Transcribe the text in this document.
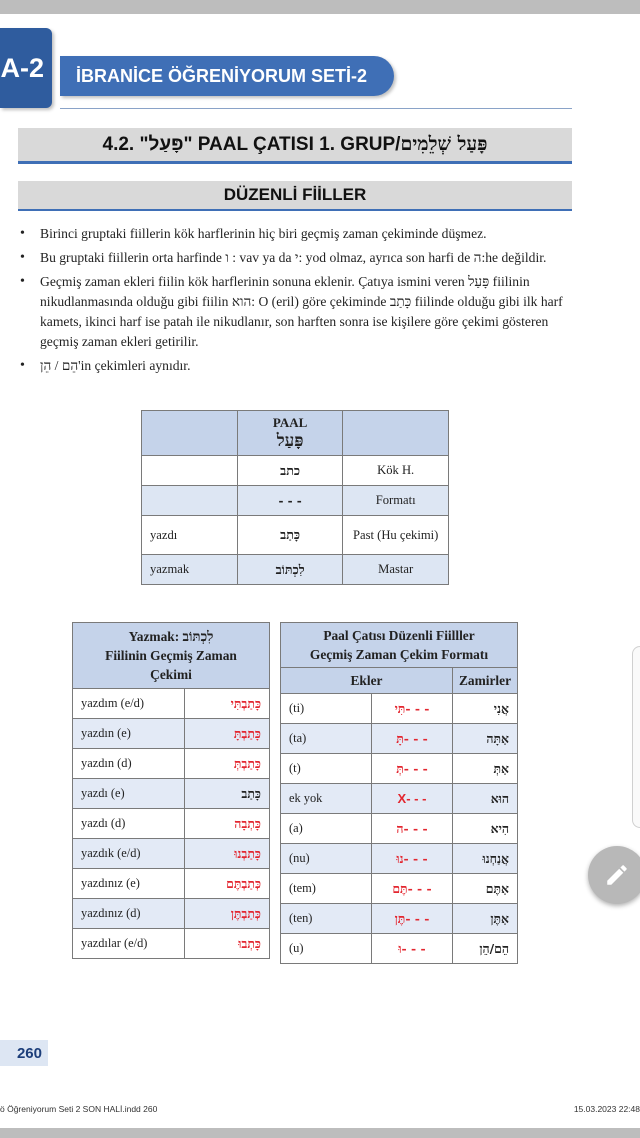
A-2	İBRANİCE ÖĞRENİYORUM SETİ-2
4.2. "פָּעַל" PAAL ÇATISI 1. GRUP/ פָּעַל שְׁלֵמִים
DÜZENLİ FİİLLER
• Birinci gruptaki fiillerin kök harflerinin hiç biri geçmiş zaman çekiminde düşmez.
• Bu gruptaki fiillerin orta harfinde ו : vav ya da י: yod olmaz, ayrıca son harfi de ה:he değildir.
• Geçmiş zaman ekleri fiilin kök harflerinin sonuna eklenir. Çatıya ismini veren פָּעַל fiilinin nikudlanmasında olduğu gibi fiilin הוא: O (eril) göre çekiminde כָּתַב fiilinde olduğu gibi ilk harf kamets, ikinci harf ise patah ile nikudlanır, son harften sonra ise kişilere göre çekimi gösteren geçmiş zaman ekleri getirilir.
• הֵם / הֵן'in çekimleri aynıdır.

	PAAL
פָּעַל	

	כתב	Kök H.
	- - -	Formatı
yazdı	כָּתַב	Past (Hu çekimi)
yazmak	לִכְתּוֹב	Mastar
Yazmak: לִכְתּוֹב
Fiilinin Geçmiş Zaman
Çekimi	

yazdım (e/d)	כָּתַבְתִּי
yazdın (e)	כָּתַבְתָּ
yazdın (d)	כָּתַבְתְּ
yazdı (e)	כָּתַב
yazdı (d)	כָּתְבָה
yazdık (e/d)	כָּתַבְנוּ
yazdınız (e)	כְּתַבְתֶּם
yazdınız (d)	כְּתַבְתֶּן
yazdılar (e/d)	כָּתְבוּ
Paal Çatısı Düzenli Fiilller
Geçmiş Zaman Çekim Formatı		

Ekler		Zamirler
(ti)	- - -תִּי	אֲנִי
(ta)	- - -תָּ	אַתָּה
(t)	- - -תְּ	אַתְּ
ek yok	- - -X	הוּא
(a)	- - -ה	הִיא
(nu)	- - -נוּ	אֲנַחְנוּ
(tem)	- - -תֶּם	אַתֶּם
(ten)	- - -תֶּן	אַתֶּן
(u)	- - -וּ	הֵם/הֵן
260
ö Öğreniyorum Seti 2 SON HALİ.indd 260	15.03.2023 22:48
